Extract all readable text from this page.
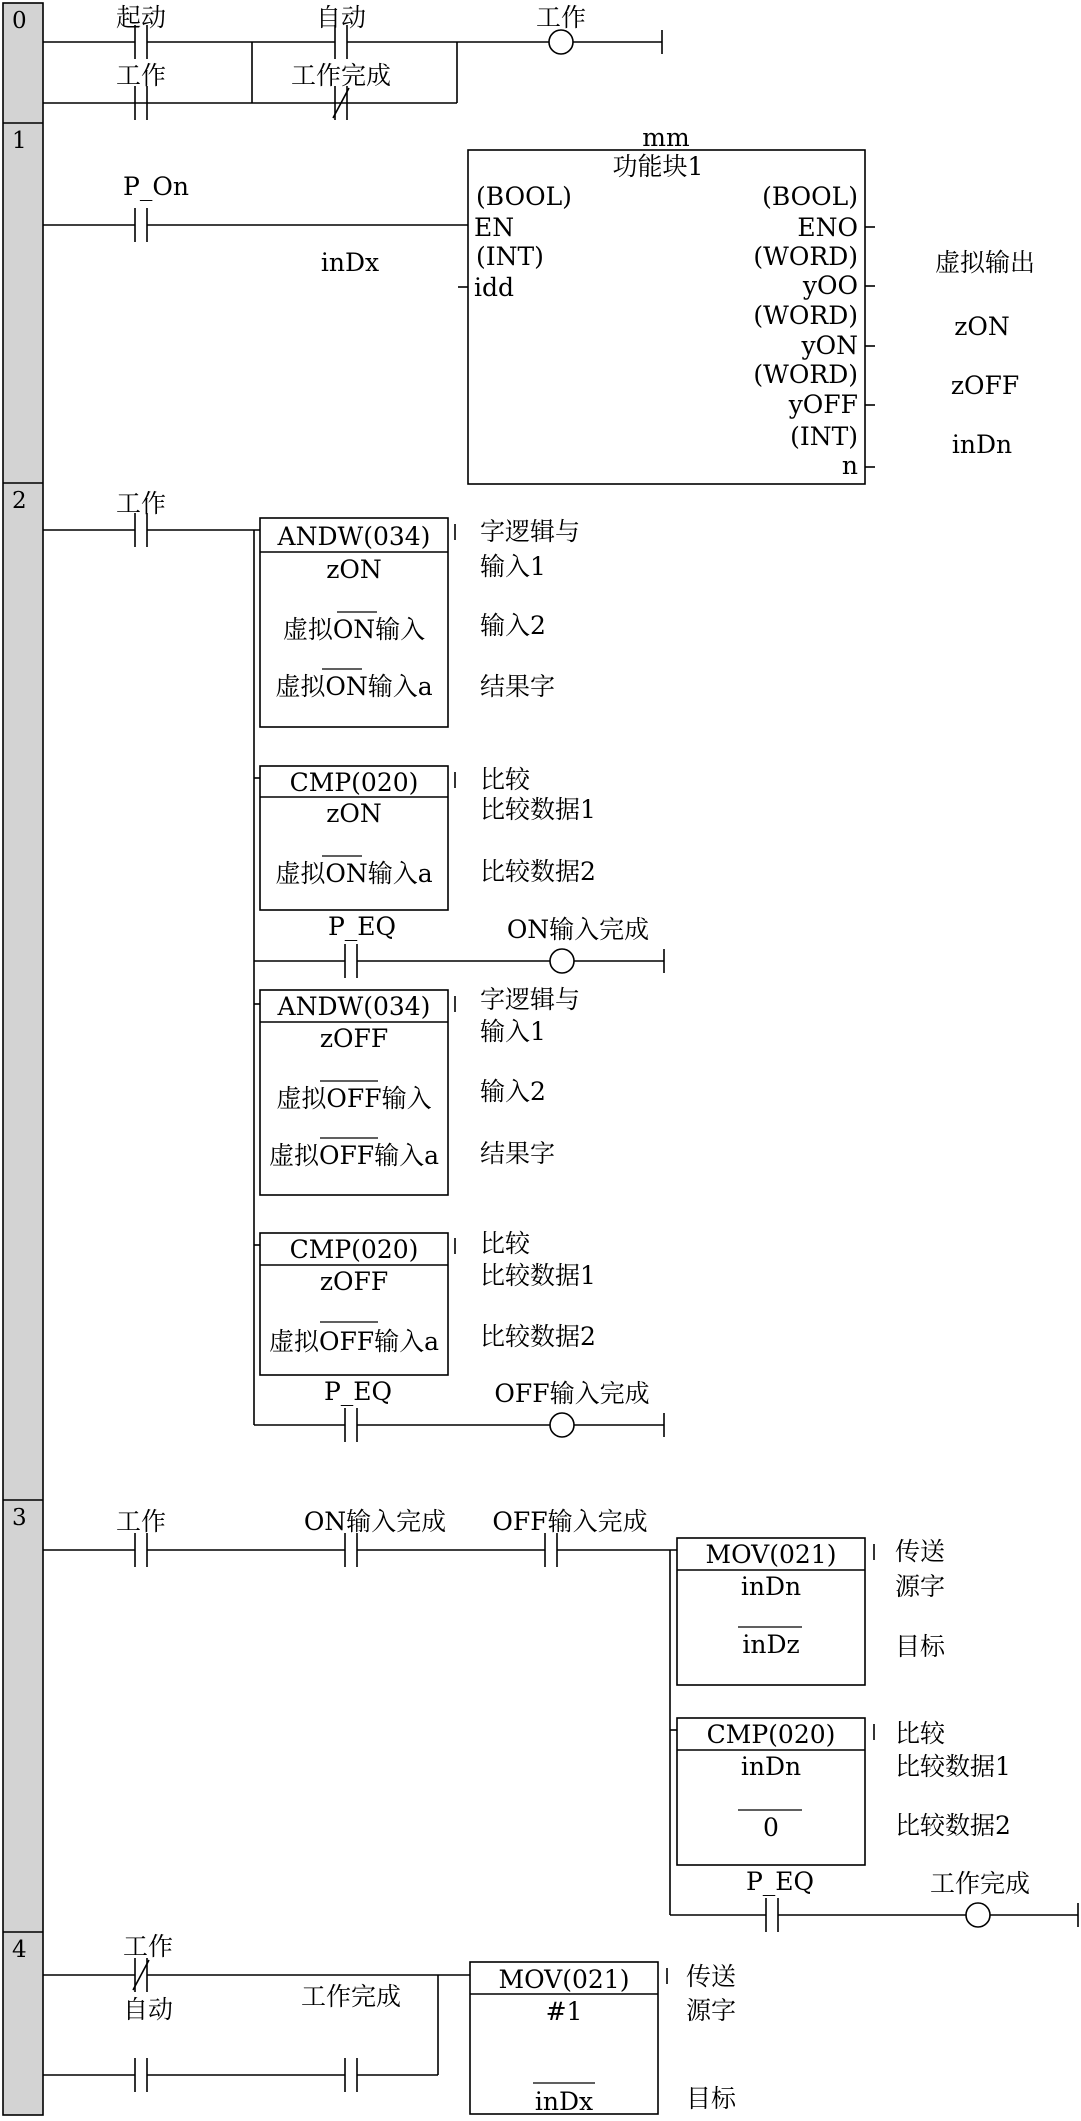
0
1
2
3
4
起动	自动	工作
工作	工作完成
P_On
mm
功能块1
(BOOL)
EN
(INT)
idd
(BOOL)
ENO
(WORD)
yOO
(WORD)
yON
(WORD)
yOFF
(INT)
n
inDx	虚拟输出
zON
zOFF
inDn
工作
ANDW(034)
zON
虚拟ON输入
虚拟ON输入a
字逻辑与
输入1
输入2
结果字
CMP(020)
zON
虚拟ON输入a
比较
比较数据1
比较数据2
P_EQ	ON输入完成
ANDW(034)
zOFF
虚拟OFF输入
虚拟OFF输入a
字逻辑与
输入1
输入2
结果字
CMP(020)
zOFF
虚拟OFF输入a
比较
比较数据1
比较数据2
P_EQ	OFF输入完成
工作	ON输入完成 OFF输入完成
MOV(021)
inDn
inDz
传送
源字
目标
CMP(020)
inDn
0
比较
比较数据1
比较数据2
P_EQ	工作完成
工作
自动	工作完成
MOV(021)
#1
inDx
传送
源字
目标
